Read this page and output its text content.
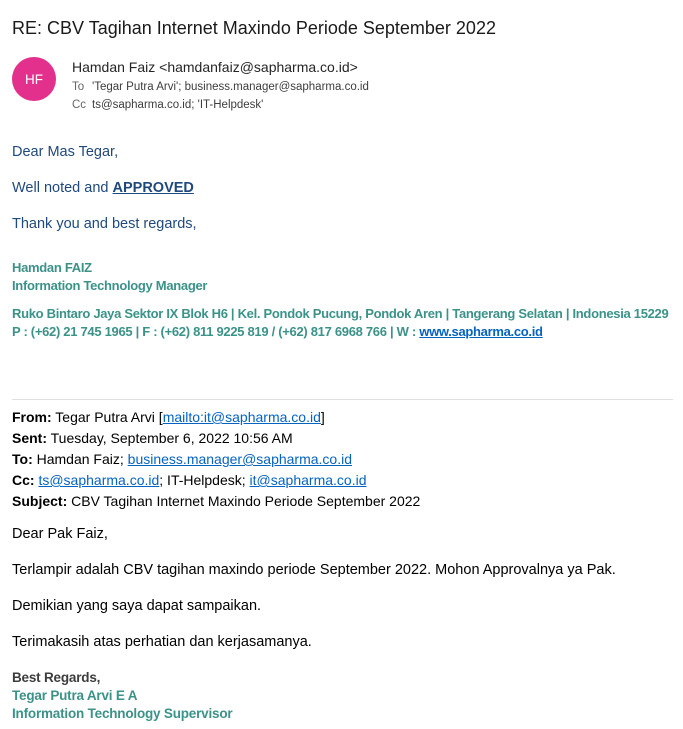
RE: CBV Tagihan Internet Maxindo Periode September 2022
HF
Hamdan Faiz <hamdanfaiz@sapharma.co.id>
To 'Tegar Putra Arvi'; business.manager@sapharma.co.id
Cc ts@sapharma.co.id; 'IT-Helpdesk'

Dear Mas Tegar,

Well noted and APPROVED

Thank you and best regards,

Hamdan FAIZ
Information Technology Manager
Ruko Bintaro Jaya Sektor IX Blok H6 | Kel. Pondok Pucung, Pondok Aren | Tangerang Selatan | Indonesia 15229
P : (+62) 21 745 1965 | F : (+62) 811 9225 819 / (+62) 817 6968 766 | W : www.sapharma.co.id
From: Tegar Putra Arvi [mailto:it@sapharma.co.id]
Sent: Tuesday, September 6, 2022 10:56 AM
To: Hamdan Faiz; business.manager@sapharma.co.id
Cc: ts@sapharma.co.id; IT-Helpdesk; it@sapharma.co.id
Subject: CBV Tagihan Internet Maxindo Periode September 2022

Dear Pak Faiz,

Terlampir adalah CBV tagihan maxindo periode September 2022. Mohon Approvalnya ya Pak.

Demikian yang saya dapat sampaikan.

Terimakasih atas perhatian dan kerjasamanya.

Best Regards,
Tegar Putra Arvi E A
Information Technology Supervisor
